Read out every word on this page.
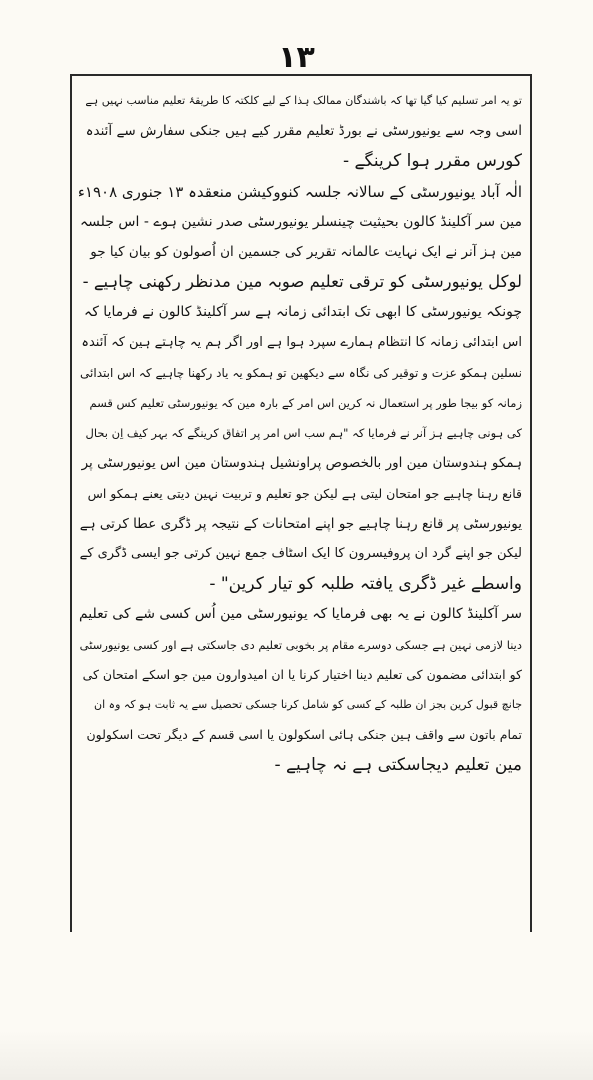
١٣

تو یہ امر تسلیم کیا گیا تھا کہ باشندگان ممالک ہذا کے لیے کلکتہ کا طریقۂ تعلیم مناسب نہیں ہے
اسی وجہ سے یونیورسٹی نے بورڈ تعلیم مقرر کیے ہیں جنکی سفارش سے آئندہ
کورس مقرر ہوا کرینگے -

الٰہ آباد یونیورسٹی کے سالانہ جلسہ کنووکیشن منعقدہ ۱۳ جنوری ۱۹۰۸ء
مین سر آکلینڈ کالون بحیثیت چینسلر یونیورسٹی صدر نشین ہوے - اس جلسہ
مین ہز آنر نے ایک نہایت عالمانہ تقریر کی جسمین ان اُصولون کو بیان کیا جو
لوکل یونیورسٹی کو ترقی تعلیم صوبہ مین مدنظر رکھنی چاہیے -

چونکہ یونیورسٹی کا ابھی تک ابتدائی زمانہ ہے سر آکلینڈ کالون نے فرمایا کہ
اس ابتدائی زمانہ کا انتظام ہمارے سپرد ہوا ہے اور اگر ہم یہ چاہتے ہین کہ آئندہ
نسلین ہمکو عزت و توقیر کی نگاہ سے دیکھین تو ہمکو یہ یاد رکھنا چاہیے کہ اس ابتدائی
زمانہ کو بیجا طور پر استعمال نہ کرین اس امر کے بارہ مین کہ یونیورسٹی تعلیم کس قسم
کی ہونی چاہیے ہز آنر نے فرمایا کہ "ہم سب اس امر پر اتفاق کرینگے کہ بہر کیف اِن بحال
ہمکو ہندوستان مین اور بالخصوص پراونشیل ہندوستان مین اس یونیورسٹی پر
قانع رہنا چاہیے جو امتحان لیتی ہے لیکن جو تعلیم و تربیت نہین دیتی یعنے ہمکو اس
یونیورسٹی پر قانع رہنا چاہیے جو اپنے امتحانات کے نتیجہ پر ڈگری عطا کرتی ہے
لیکن جو اپنے گرد ان پروفیسرون کا ایک اسٹاف جمع نہین کرتی جو ایسی ڈگری کے
واسطے غیر ڈگری یافتہ طلبہ کو تیار کرین" -

سر آکلینڈ کالون نے یہ بھی فرمایا کہ یونیورسٹی مین اُس کسی شے کی تعلیم
دینا لازمی نہین ہے جسکی دوسرے مقام پر بخوبی تعلیم دی جاسکتی ہے اور کسی یونیورسٹی
کو ابتدائی مضمون کی تعلیم دینا اختیار کرنا یا ان امیدوارون مین جو اسکے امتحان کی
جانچ قبول کرین بجز ان طلبہ کے کسی کو شامل کرنا جسکی تحصیل سے یہ ثابت ہو کہ وہ ان
تمام باتون سے واقف ہین جنکی ہائی اسکولون یا اسی قسم کے دیگر تحت اسکولون
مین تعلیم دیجاسکتی ہے نہ چاہیے -
